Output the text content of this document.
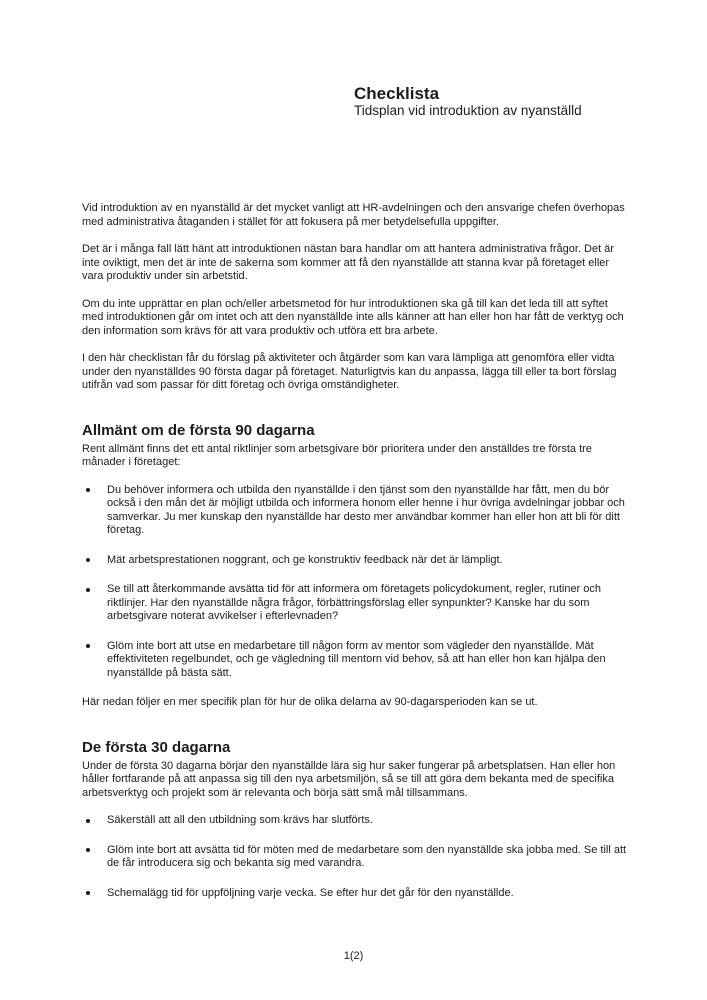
Checklista
Tidsplan vid introduktion av nyanställd

Vid introduktion av en nyanställd är det mycket vanligt att HR-avdelningen och den ansvarige chefen överhopas med administrativa åtaganden i stället för att fokusera på mer betydelsefulla uppgifter.

Det är i många fall lätt hänt att introduktionen nästan bara handlar om att hantera administrativa frågor. Det är inte oviktigt, men det är inte de sakerna som kommer att få den nyanställde att stanna kvar på företaget eller vara produktiv under sin arbetstid.

Om du inte upprättar en plan och/eller arbetsmetod för hur introduktionen ska gå till kan det leda till att syftet med introduktionen går om intet och att den nyanställde inte alls känner att han eller hon har fått de verktyg och den information som krävs för att vara produktiv och utföra ett bra arbete.

I den här checklistan får du förslag på aktiviteter och åtgärder som kan vara lämpliga att genomföra eller vidta under den nyanställdes 90 första dagar på företaget. Naturligtvis kan du anpassa, lägga till eller ta bort förslag utifrån vad som passar för ditt företag och övriga omständigheter.

Allmänt om de första 90 dagarna

Rent allmänt finns det ett antal riktlinjer som arbetsgivare bör prioritera under den anställdes tre första tre månader i företaget:

Du behöver informera och utbilda den nyanställde i den tjänst som den nyanställde har fått, men du bör också i den mån det är möjligt utbilda och informera honom eller henne i hur övriga avdelningar jobbar och samverkar. Ju mer kunskap den nyanställde har desto mer användbar kommer han eller hon att bli för ditt företag.
Mät arbetsprestationen noggrant, och ge konstruktiv feedback när det är lämpligt.
Se till att återkommande avsätta tid för att informera om företagets policydokument, regler, rutiner och riktlinjer. Har den nyanställde några frågor, förbättringsförslag eller synpunkter? Kanske har du som arbetsgivare noterat avvikelser i efterlevnaden?
Glöm inte bort att utse en medarbetare till någon form av mentor som vägleder den nyanställde. Mät effektiviteten regelbundet, och ge vägledning till mentorn vid behov, så att han eller hon kan hjälpa den nyanställde på bästa sätt.

Här nedan följer en mer specifik plan för hur de olika delarna av 90-dagarsperioden kan se ut.

De första 30 dagarna

Under de första 30 dagarna börjar den nyanställde lära sig hur saker fungerar på arbetsplatsen. Han eller hon håller fortfarande på att anpassa sig till den nya arbetsmiljön, så se till att göra dem bekanta med de specifika arbetsverktyg och projekt som är relevanta och börja sätt små mål tillsammans.

Säkerställ att all den utbildning som krävs har slutförts.
Glöm inte bort att avsätta tid för möten med de medarbetare som den nyanställde ska jobba med. Se till att de får introducera sig och bekanta sig med varandra.
Schemalägg tid för uppföljning varje vecka. Se efter hur det går för den nyanställde.
1(2)
